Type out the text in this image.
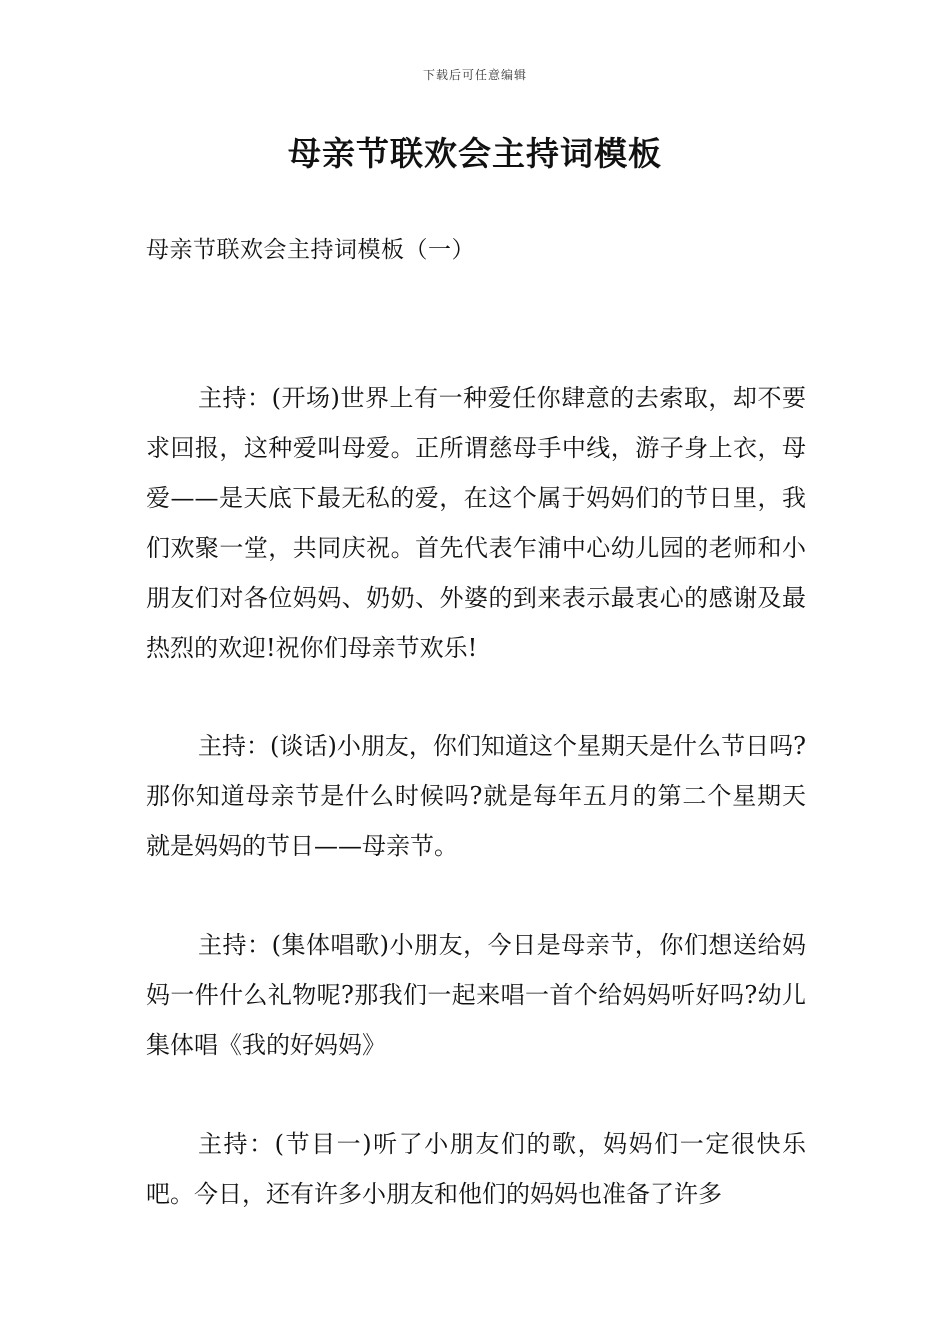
下载后可任意编辑
母亲节联欢会主持词模板
母亲节联欢会主持词模板（一）

主持：(开场)世界上有一种爱任你肆意的去索取，却不要求回报，这种爱叫母爱。正所谓慈母手中线，游子身上衣，母爱——是天底下最无私的爱，在这个属于妈妈们的节日里，我们欢聚一堂，共同庆祝。首先代表乍浦中心幼儿园的老师和小朋友们对各位妈妈、奶奶、外婆的到来表示最衷心的感谢及最热烈的欢迎!祝你们母亲节欢乐!

主持：(谈话)小朋友，你们知道这个星期天是什么节日吗?那你知道母亲节是什么时候吗?就是每年五月的第二个星期天就是妈妈的节日——母亲节。

主持：(集体唱歌)小朋友，今日是母亲节，你们想送给妈妈一件什么礼物呢?那我们一起来唱一首个给妈妈听好吗?幼儿集体唱《我的好妈妈》

主持：(节目一)听了小朋友们的歌，妈妈们一定很快乐吧。今日，还有许多小朋友和他们的妈妈也准备了许多
